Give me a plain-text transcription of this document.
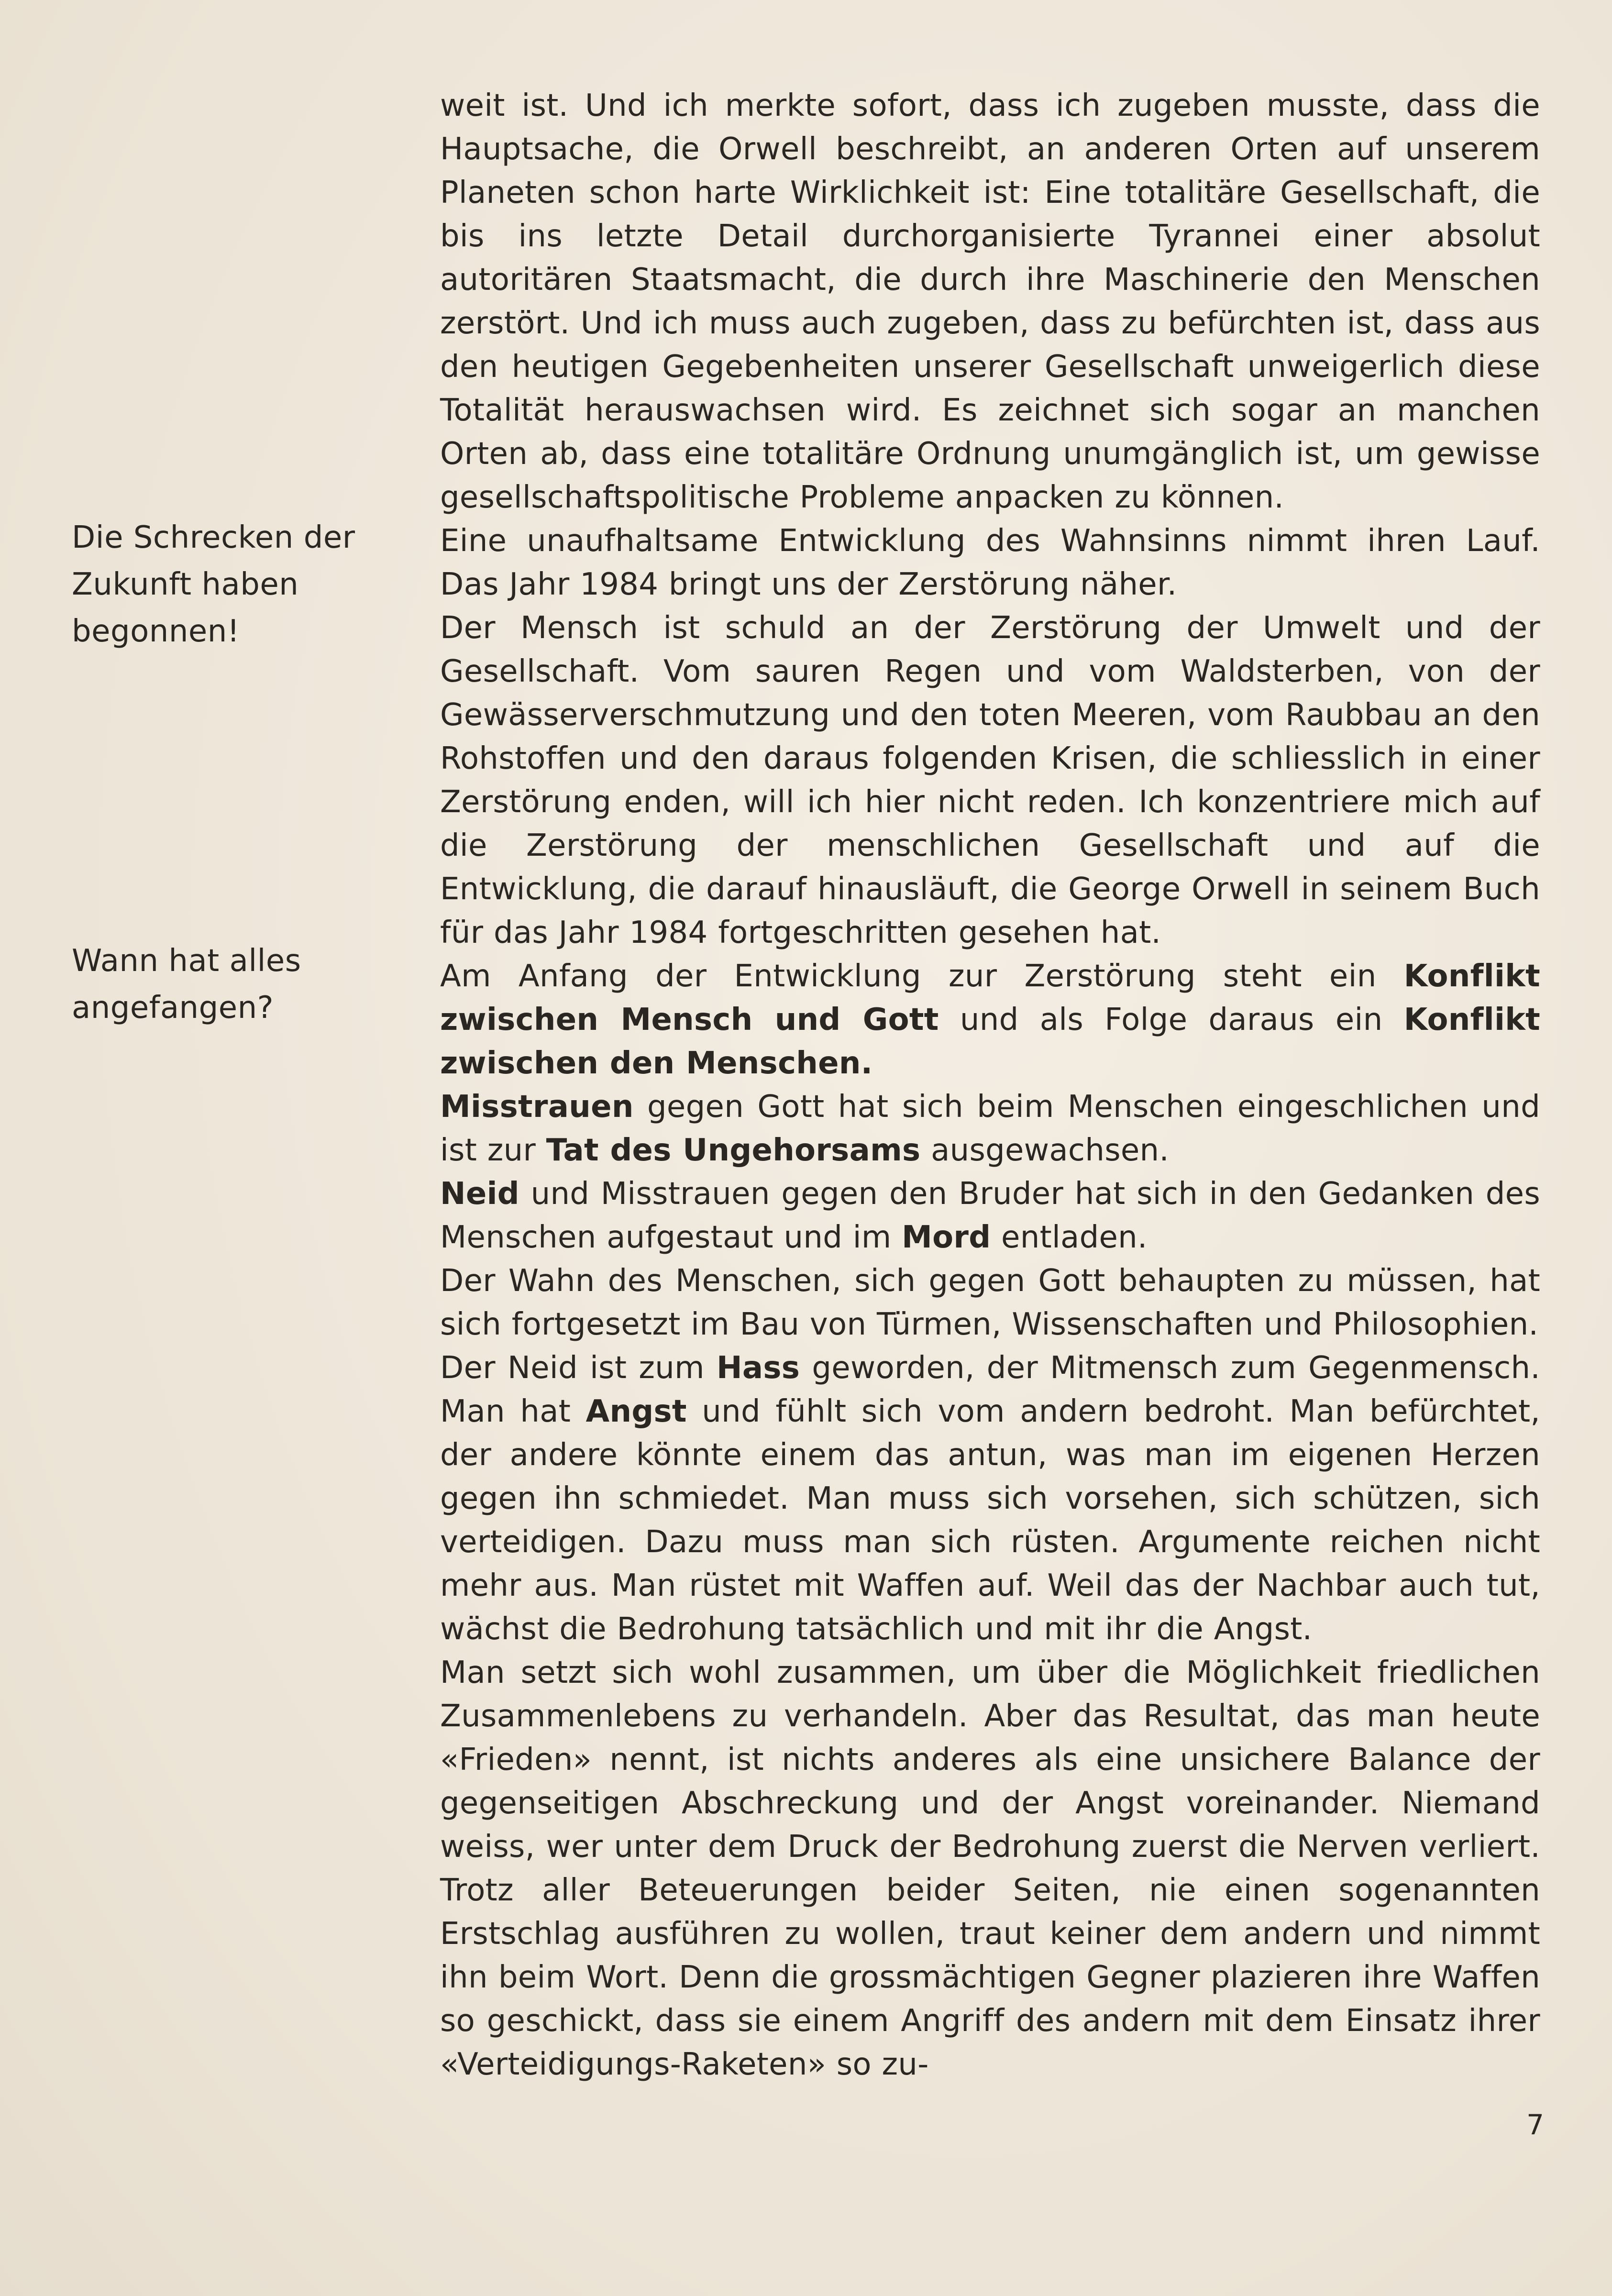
Die Schrecken der
Zukunft haben
begonnen!
Wann hat alles
angefangen?

weit ist. Und ich merkte sofort, dass ich zugeben musste, dass die Hauptsache, die Orwell beschreibt, an anderen Orten auf unserem Planeten schon harte Wirklichkeit ist: Eine totalitäre Gesellschaft, die bis ins letzte Detail durchorganisierte Tyrannei einer absolut autoritären Staatsmacht, die durch ihre Maschinerie den Menschen zerstört. Und ich muss auch zugeben, dass zu befürchten ist, dass aus den heutigen Gegebenheiten unserer Gesellschaft unweigerlich diese Totalität herauswachsen wird. Es zeichnet sich sogar an manchen Orten ab, dass eine totalitäre Ordnung unumgänglich ist, um gewisse gesellschaftspolitische Probleme anpacken zu können.

Eine unaufhaltsame Entwicklung des Wahnsinns nimmt ihren Lauf. Das Jahr 1984 bringt uns der Zerstörung näher.

Der Mensch ist schuld an der Zerstörung der Umwelt und der Gesellschaft. Vom sauren Regen und vom Waldsterben, von der Gewässerverschmutzung und den toten Meeren, vom Raubbau an den Rohstoffen und den daraus folgenden Krisen, die schliesslich in einer Zerstörung enden, will ich hier nicht reden. Ich konzentriere mich auf die Zerstörung der menschlichen Gesellschaft und auf die Entwicklung, die darauf hinausläuft, die George Orwell in seinem Buch für das Jahr 1984 fortgeschritten gesehen hat.

Am Anfang der Entwicklung zur Zerstörung steht ein Konflikt zwischen Mensch und Gott und als Folge daraus ein Konflikt zwischen den Menschen.

Misstrauen gegen Gott hat sich beim Menschen eingeschlichen und ist zur Tat des Ungehorsams ausgewachsen.

Neid und Misstrauen gegen den Bruder hat sich in den Gedanken des Menschen aufgestaut und im Mord entladen.

Der Wahn des Menschen, sich gegen Gott behaupten zu müssen, hat sich fortgesetzt im Bau von Türmen, Wissenschaften und Philosophien.

Der Neid ist zum Hass geworden, der Mitmensch zum Gegenmensch. Man hat Angst und fühlt sich vom andern bedroht. Man befürchtet, der andere könnte einem das antun, was man im eigenen Herzen gegen ihn schmiedet. Man muss sich vorsehen, sich schützen, sich verteidigen. Dazu muss man sich rüsten. Argumente reichen nicht mehr aus. Man rüstet mit Waffen auf. Weil das der Nachbar auch tut, wächst die Bedrohung tatsächlich und mit ihr die Angst.

Man setzt sich wohl zusammen, um über die Möglichkeit friedlichen Zusammenlebens zu verhandeln. Aber das Resultat, das man heute «Frieden» nennt, ist nichts anderes als eine unsichere Balance der gegenseitigen Abschreckung und der Angst voreinander. Niemand weiss, wer unter dem Druck der Bedrohung zuerst die Nerven verliert. Trotz aller Beteuerungen beider Seiten, nie einen sogenannten Erstschlag ausführen zu wollen, traut keiner dem andern und nimmt ihn beim Wort. Denn die grossmächtigen Gegner plazieren ihre Waffen so geschickt, dass sie einem Angriff des andern mit dem Einsatz ihrer «Verteidigungs-Raketen» so zu-

7
